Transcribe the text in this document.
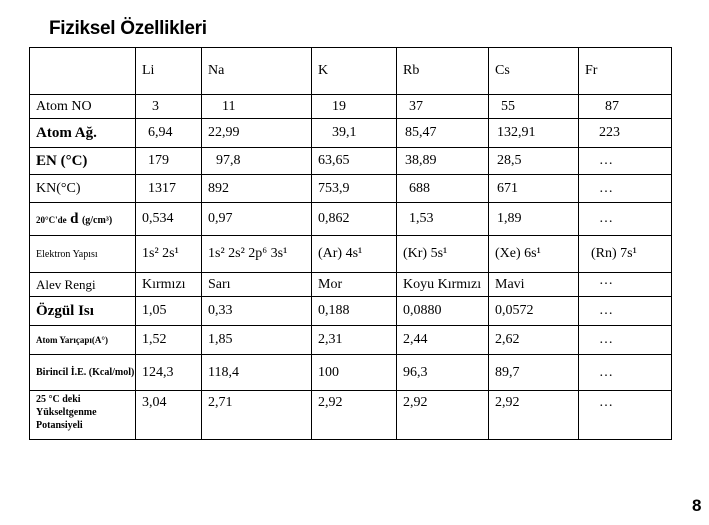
Fiziksel Özellikleri
	Li	Na	K	Rb	Cs	Fr
Atom NO	3	11	19	37	55	87
Atom Ağ.	6,94	22,99	39,1	85,47	132,91	223
EN (°C)	179	97,8	63,65	38,89	28,5	…
KN(°C)	1317	892	753,9	688	671	…
20°C'de d (g/cm³)	0,534	0,97	0,862	1,53	1,89	…
Elektron Yapısı	1s² 2s¹	1s² 2s² 2p⁶ 3s¹	(Ar) 4s¹	(Kr) 5s¹	(Xe) 6s¹	(Rn) 7s¹
Alev Rengi	Kırmızı	Sarı	Mor	Koyu Kırmızı	Mavi	…
Özgül Isı	1,05	0,33	0,188	0,0880	0,0572	…
Atom Yarıçapı(A°)	1,52	1,85	2,31	2,44	2,62	…
Birincil İ.E. (Kcal/mol)	124,3	118,4	100	96,3	89,7	…
25 °C deki Yükseltgenme Potansiyeli	3,04	2,71	2,92	2,92	2,92	…
8
